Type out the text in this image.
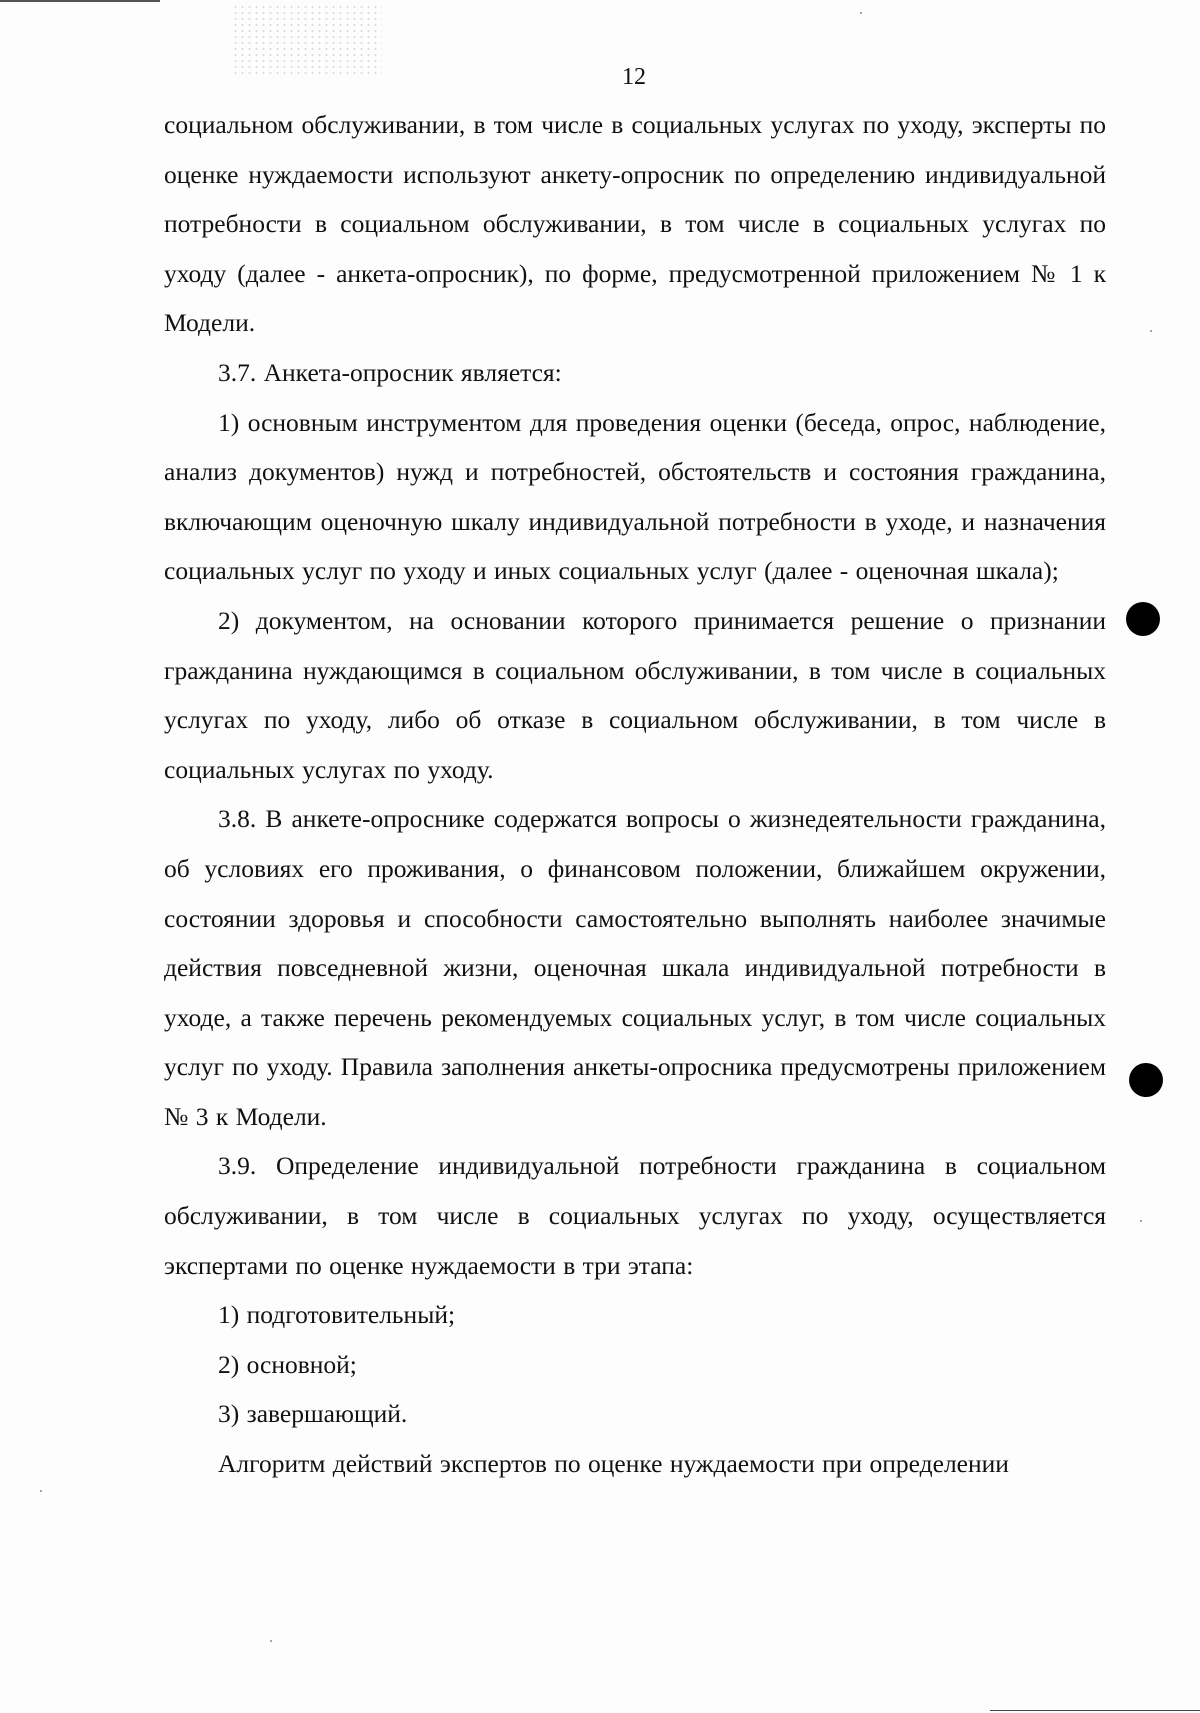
12

социальном обслуживании, в том числе в социальных услугах по уходу, эксперты по оценке нуждаемости используют анкету-опросник по определению индивидуальной потребности в социальном обслуживании, в том числе в социальных услугах по уходу (далее - анкета-опросник), по форме, предусмотренной приложением № 1 к Модели.

3.7. Анкета-опросник является:

1) основным инструментом для проведения оценки (беседа, опрос, наблюдение, анализ документов) нужд и потребностей, обстоятельств и состояния гражданина, включающим оценочную шкалу индивидуальной потребности в уходе, и назначения социальных услуг по уходу и иных социальных услуг (далее - оценочная шкала);

2) документом, на основании которого принимается решение о признании гражданина нуждающимся в социальном обслуживании, в том числе в социальных услугах по уходу, либо об отказе в социальном обслуживании, в том числе в социальных услугах по уходу.

3.8. В анкете-опроснике содержатся вопросы о жизнедеятельности гражданина, об условиях его проживания, о финансовом положении, ближайшем окружении, состоянии здоровья и способности самостоятельно выполнять наиболее значимые действия повседневной жизни, оценочная шкала индивидуальной потребности в уходе, а также перечень рекомендуемых социальных услуг, в том числе социальных услуг по уходу. Правила заполнения анкеты-опросника предусмотрены приложением № 3 к Модели.

3.9. Определение индивидуальной потребности гражданина в социальном обслуживании, в том числе в социальных услугах по уходу, осуществляется экспертами по оценке нуждаемости в три этапа:

1) подготовительный;

2) основной;

3) завершающий.

Алгоритм действий экспертов по оценке нуждаемости при определении
